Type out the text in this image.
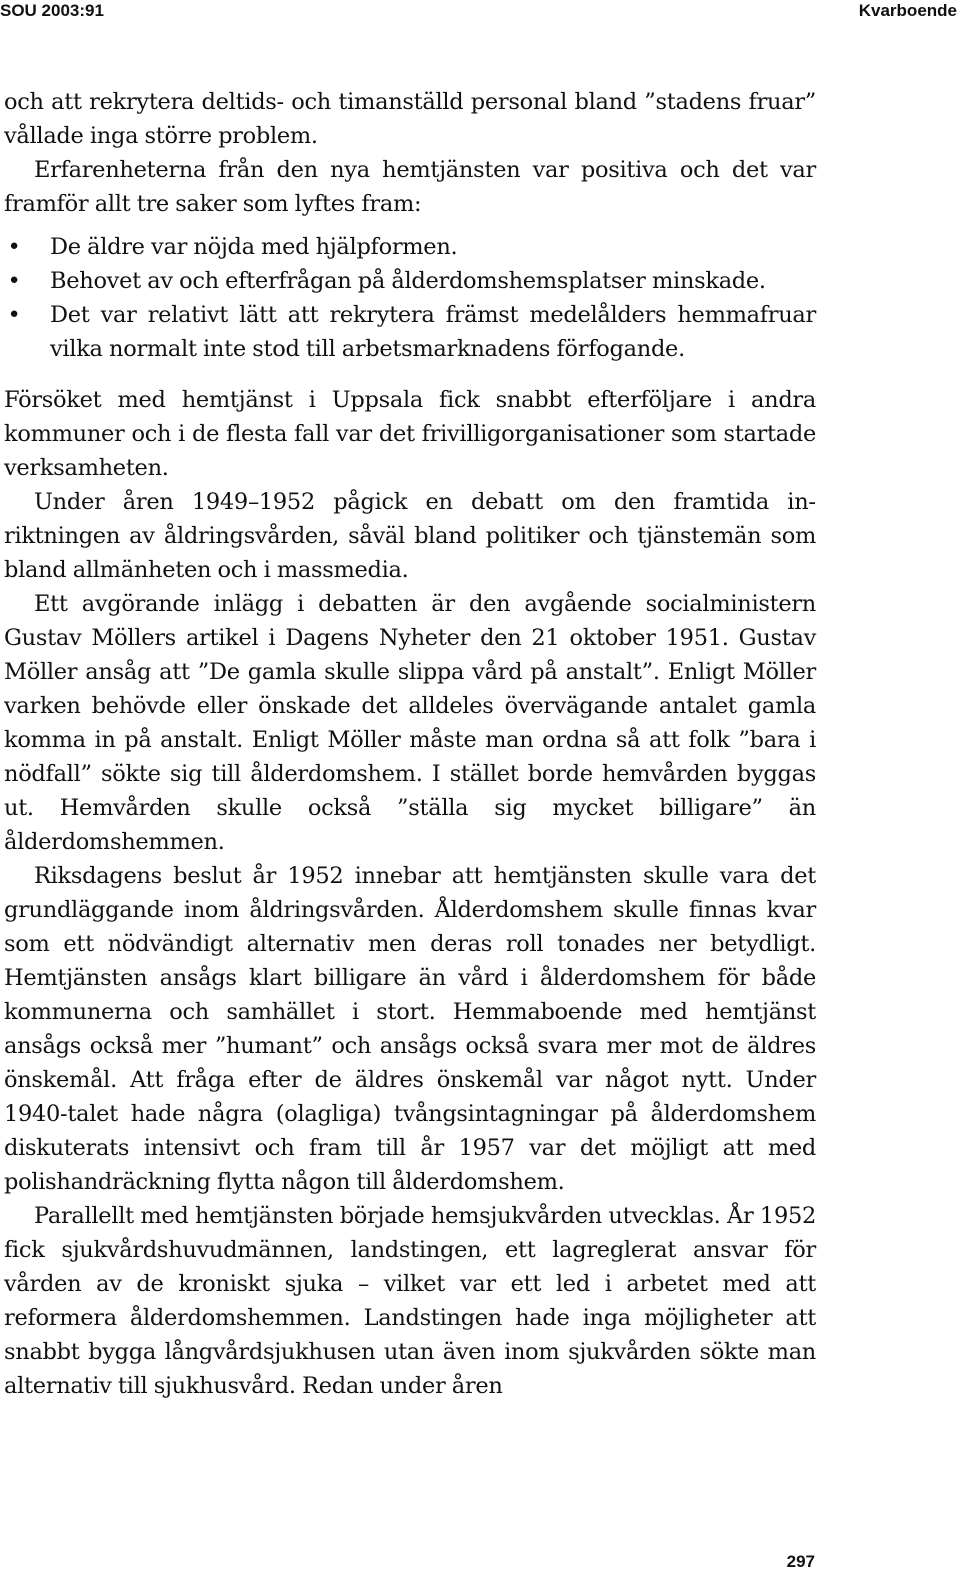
SOU 2003:91	Kvarboende

och att rekrytera deltids- och timanställd personal bland ”stadens fruar” vållade inga större problem.

Erfarenheterna från den nya hemtjänsten var positiva och det var framför allt tre saker som lyftes fram:

• De äldre var nöjda med hjälpformen.
• Behovet av och efterfrågan på ålderdomshemsplatser minskade.
• Det var relativt lätt att rekrytera främst medelålders hemmafruar vilka normalt inte stod till arbetsmarknadens förfogande.

Försöket med hemtjänst i Uppsala fick snabbt efterföljare i andra kommuner och i de flesta fall var det frivilligorganisationer som startade verksamheten.

Under åren 1949–1952 pågick en debatt om den framtida inriktningen av åldringsvården, såväl bland politiker och tjänstemän som bland allmänheten och i massmedia.

Ett avgörande inlägg i debatten är den avgående socialministern Gustav Möllers artikel i Dagens Nyheter den 21 oktober 1951. Gustav Möller ansåg att ”De gamla skulle slippa vård på anstalt”. Enligt Möller varken behövde eller önskade det alldeles övervägande antalet gamla komma in på anstalt. Enligt Möller måste man ordna så att folk ”bara i nödfall” sökte sig till ålderdomshem. I stället borde hemvården byggas ut. Hemvården skulle också ”ställa sig mycket billigare” än ålderdomshemmen.

Riksdagens beslut år 1952 innebar att hemtjänsten skulle vara det grundläggande inom åldringsvården. Ålderdomshem skulle finnas kvar som ett nödvändigt alternativ men deras roll tonades ner betydligt. Hemtjänsten ansågs klart billigare än vård i ålderdomshem för både kommunerna och samhället i stort. Hemmaboende med hemtjänst ansågs också mer ”humant” och ansågs också svara mer mot de äldres önskemål. Att fråga efter de äldres önskemål var något nytt. Under 1940-talet hade några (olagliga) tvångsintagningar på ålderdomshem diskuterats intensivt och fram till år 1957 var det möjligt att med polishandräckning flytta någon till ålderdomshem.

Parallellt med hemtjänsten började hemsjukvården utvecklas. År 1952 fick sjukvårdshuvudmännen, landstingen, ett lagreglerat ansvar för vården av de kroniskt sjuka – vilket var ett led i arbetet med att reformera ålderdomshemmen. Landstingen hade inga möjligheter att snabbt bygga långvårdsjukhusen utan även inom sjukvården sökte man alternativ till sjukhusvård. Redan under åren

297
